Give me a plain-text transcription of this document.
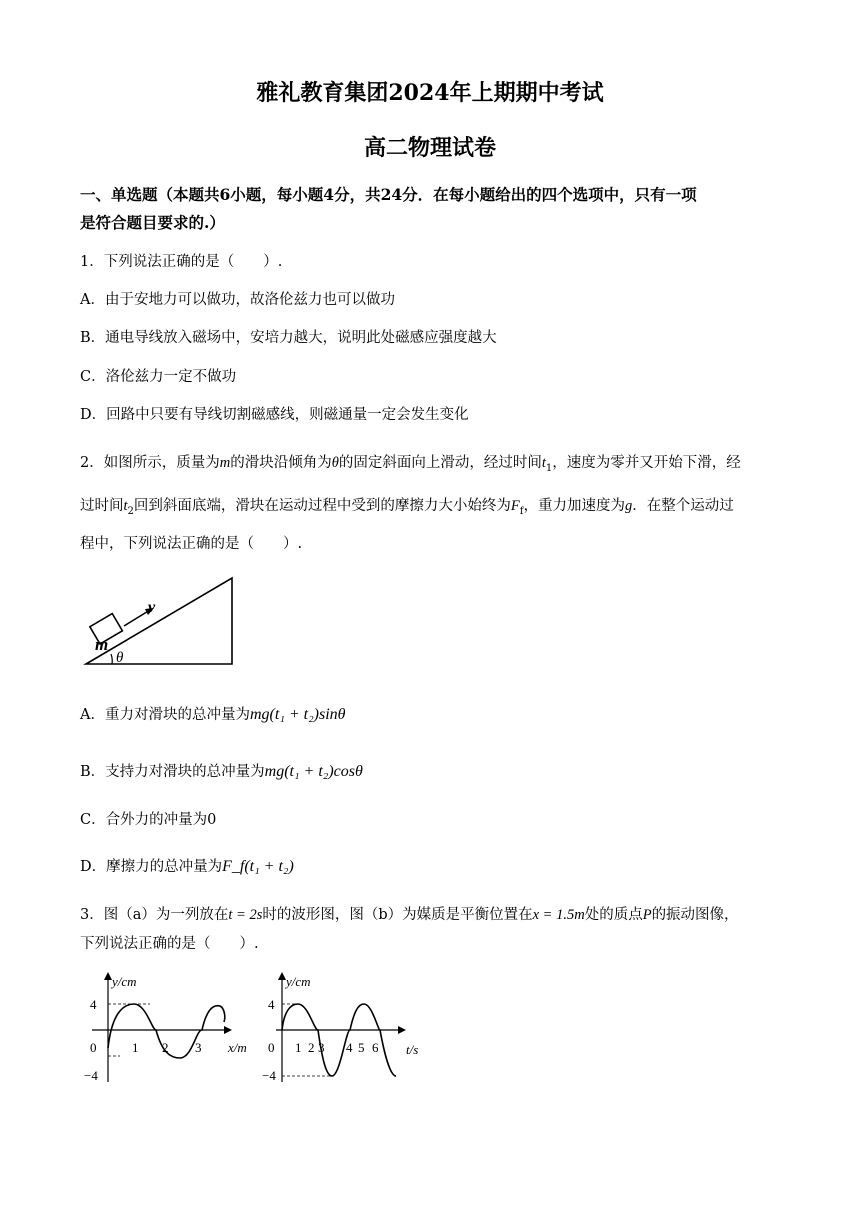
雅礼教育集团2024年上期期中考试
高二物理试卷
一、单选题（本题共6小题，每小题4分，共24分．在每小题给出的四个选项中，只有一项
是符合题目要求的.）
1．下列说法正确的是（　　）.
A．由于安地力可以做功，故洛伦兹力也可以做功
B．通电导线放入磁场中，安培力越大，说明此处磁感应强度越大
C．洛伦兹力一定不做功
D．回路中只要有导线切割磁感线，则磁通量一定会发生变化
2．如图所示，质量为m的滑块沿倾角为θ的固定斜面向上滑动，经过时间$t_1$，速度为零并又开始下滑，经
过时间$t_2$回到斜面底端，滑块在运动过程中受到的摩擦力大小始终为$F_f$，重力加速度为g．在整个运动过
程中，下列说法正确的是（　　）.
m
v
θ
A．重力对滑块的总冲量为mg(t₁ + t₂)sinθ
B．支持力对滑块的总冲量为mg(t₁ + t₂)cosθ
C．合外力的冲量为0
D．摩擦力的总冲量为F_f(t₁ + t₂)
3．图（a）为一列放在t = 2s时的波形图，图（b）为媒质是平衡位置在x = 1.5m处的质点P的振动图像，
下列说法正确的是（　　）.
y/cm
x/m
4
−4
0	1 2 3
y/cm
t/s
4
−4
0 1 2 3 4 5 6
